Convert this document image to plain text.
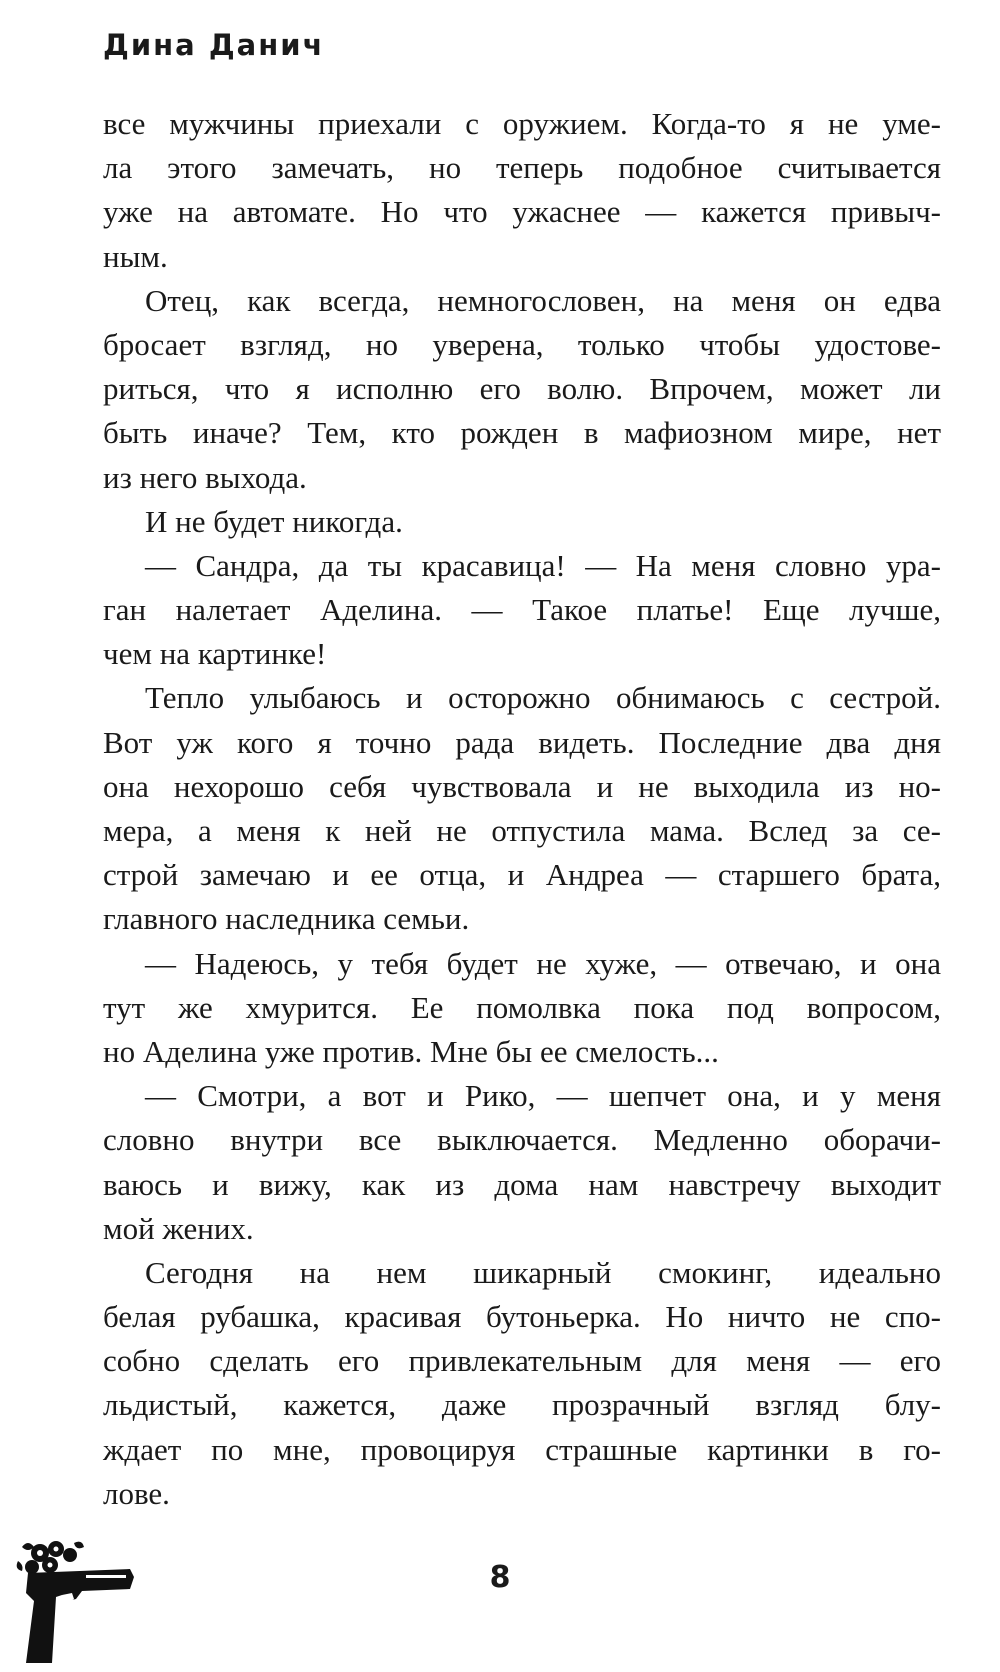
Дина Данич
все мужчины приехали с оружием. Когда-то я не уме-
ла этого замечать, но теперь подобное считывается
уже на автомате. Но что ужаснее — кажется привыч-
ным.
Отец, как всегда, немногословен, на меня он едва
бросает взгляд, но уверена, только чтобы удостове-
риться, что я исполню его волю. Впрочем, может ли
быть иначе? Тем, кто рожден в мафиозном мире, нет
из него выхода.
И не будет никогда.
— Сандра, да ты красавица! — На меня словно ура-
ган налетает Аделина. — Такое платье! Еще лучше,
чем на картинке!
Тепло улыбаюсь и осторожно обнимаюсь с сестрой.
Вот уж кого я точно рада видеть. Последние два дня
она нехорошо себя чувствовала и не выходила из но-
мера, а меня к ней не отпустила мама. Вслед за се-
строй замечаю и ее отца, и Андреа — старшего брата,
главного наследника семьи.
— Надеюсь, у тебя будет не хуже, — отвечаю, и она
тут же хмурится. Ее помолвка пока под вопросом,
но Аделина уже против. Мне бы ее смелость...
— Смотри, а вот и Рико, — шепчет она, и у меня
словно внутри все выключается. Медленно оборачи-
ваюсь и вижу, как из дома нам навстречу выходит
мой жених.
Сегодня на нем шикарный смокинг, идеально
белая рубашка, красивая бутоньерка. Но ничто не спо-
собно сделать его привлекательным для меня — его
льдистый, кажется, даже прозрачный взгляд блу-
ждает по мне, провоцируя страшные картинки в го-
лове.
8
